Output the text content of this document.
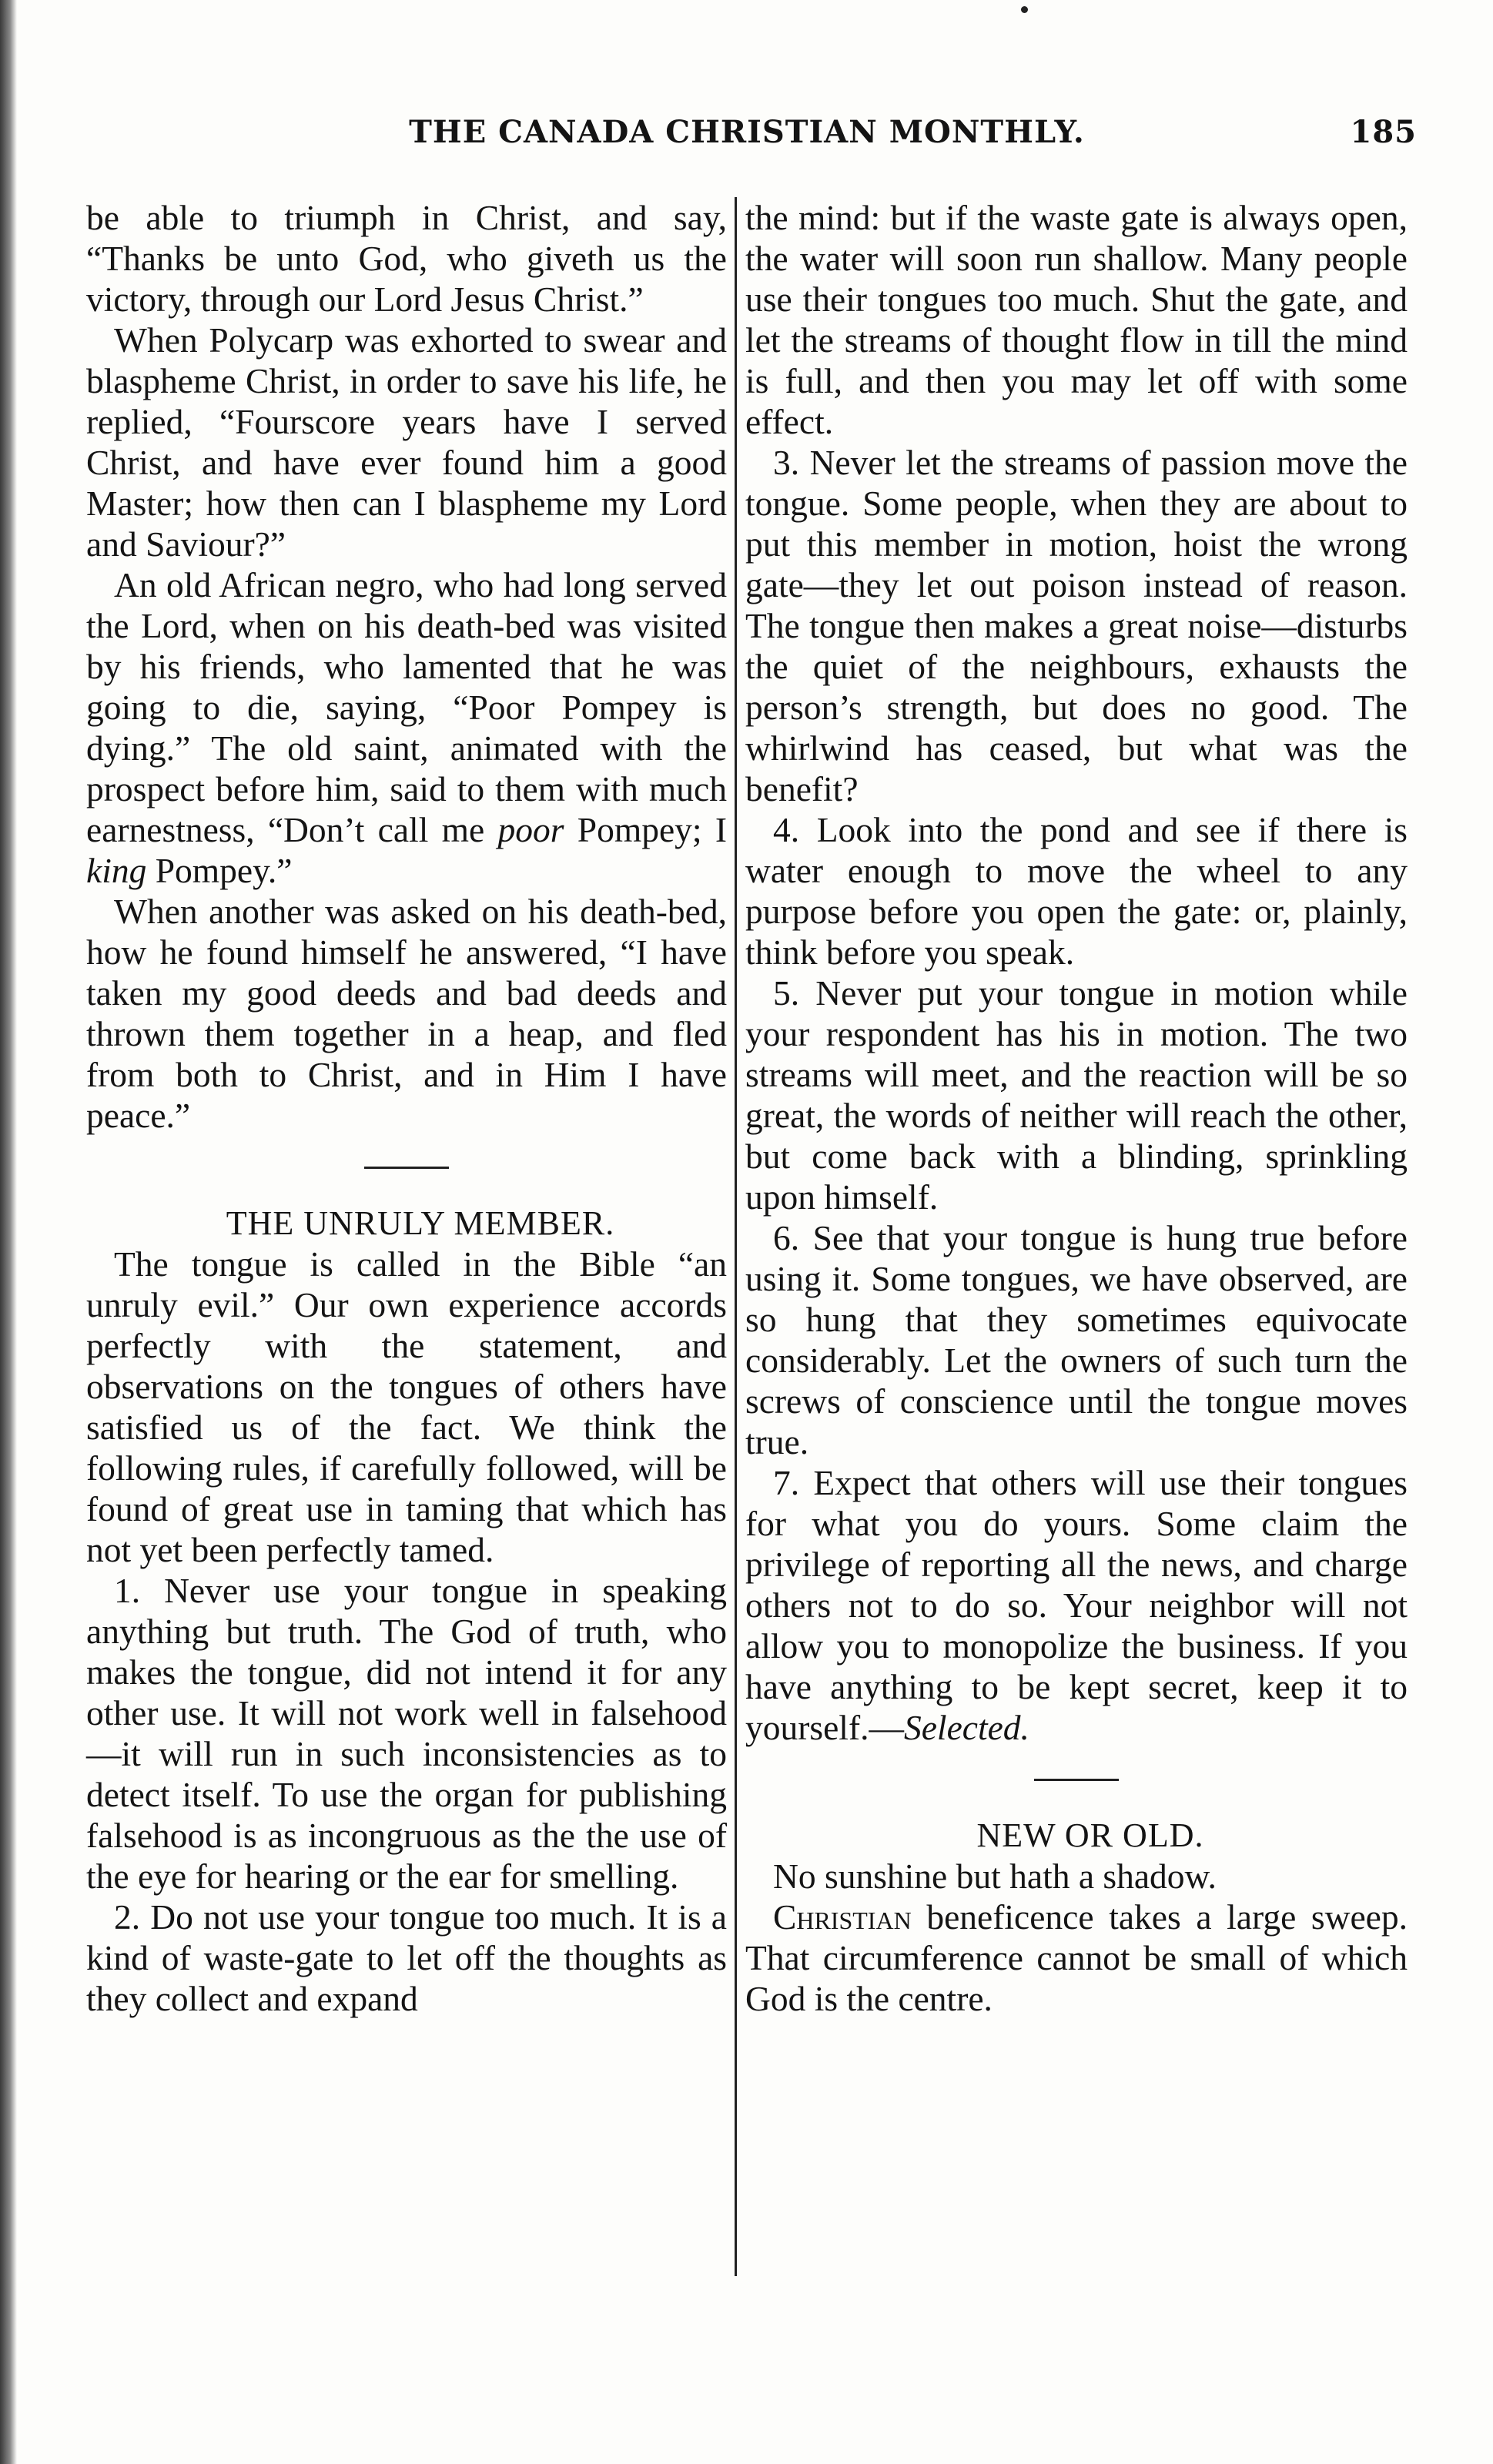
THE CANADA CHRISTIAN MONTHLY.	185

be able to triumph in Christ, and say, “Thanks be unto God, who giveth us the victory, through our Lord Jesus Christ.”

When Polycarp was exhorted to swear and blaspheme Christ, in order to save his life, he replied, “Fourscore years have I served Christ, and have ever found him a good Master; how then can I blaspheme my Lord and Saviour?”

An old African negro, who had long served the Lord, when on his death-bed was visited by his friends, who lamented that he was going to die, saying, “Poor Pompey is dying.” The old saint, animated with the prospect before him, said to them with much earnestness, “Don’t call me poor Pompey; I king Pompey.”

When another was asked on his death-bed, how he found himself he answered, “I have taken my good deeds and bad deeds and thrown them together in a heap, and fled from both to Christ, and in Him I have peace.”

THE UNRULY MEMBER.

The tongue is called in the Bible “an unruly evil.” Our own experience accords perfectly with the statement, and observations on the tongues of others have satisfied us of the fact. We think the following rules, if carefully followed, will be found of great use in taming that which has not yet been perfectly tamed.

1. Never use your tongue in speaking anything but truth. The God of truth, who makes the tongue, did not intend it for any other use. It will not work well in falsehood—it will run in such inconsistencies as to detect itself. To use the organ for publishing falsehood is as incongruous as the the use of the eye for hearing or the ear for smelling.

2. Do not use your tongue too much. It is a kind of waste-gate to let off the thoughts as they collect and expand

the mind: but if the waste gate is always open, the water will soon run shallow. Many people use their tongues too much. Shut the gate, and let the streams of thought flow in till the mind is full, and then you may let off with some effect.

3. Never let the streams of passion move the tongue. Some people, when they are about to put this member in motion, hoist the wrong gate—they let out poison instead of reason. The tongue then makes a great noise—disturbs the quiet of the neighbours, exhausts the person’s strength, but does no good. The whirlwind has ceased, but what was the benefit?

4. Look into the pond and see if there is water enough to move the wheel to any purpose before you open the gate: or, plainly, think before you speak.

5. Never put your tongue in motion while your respondent has his in motion. The two streams will meet, and the reaction will be so great, the words of neither will reach the other, but come back with a blinding, sprinkling upon himself.

6. See that your tongue is hung true before using it. Some tongues, we have observed, are so hung that they sometimes equivocate considerably. Let the owners of such turn the screws of conscience until the tongue moves true.

7. Expect that others will use their tongues for what you do yours. Some claim the privilege of reporting all the news, and charge others not to do so. Your neighbor will not allow you to monopolize the business. If you have anything to be kept secret, keep it to yourself.—Selected.

NEW OR OLD.

No sunshine but hath a shadow.

Christian beneficence takes a large sweep. That circumference cannot be small of which God is the centre.
